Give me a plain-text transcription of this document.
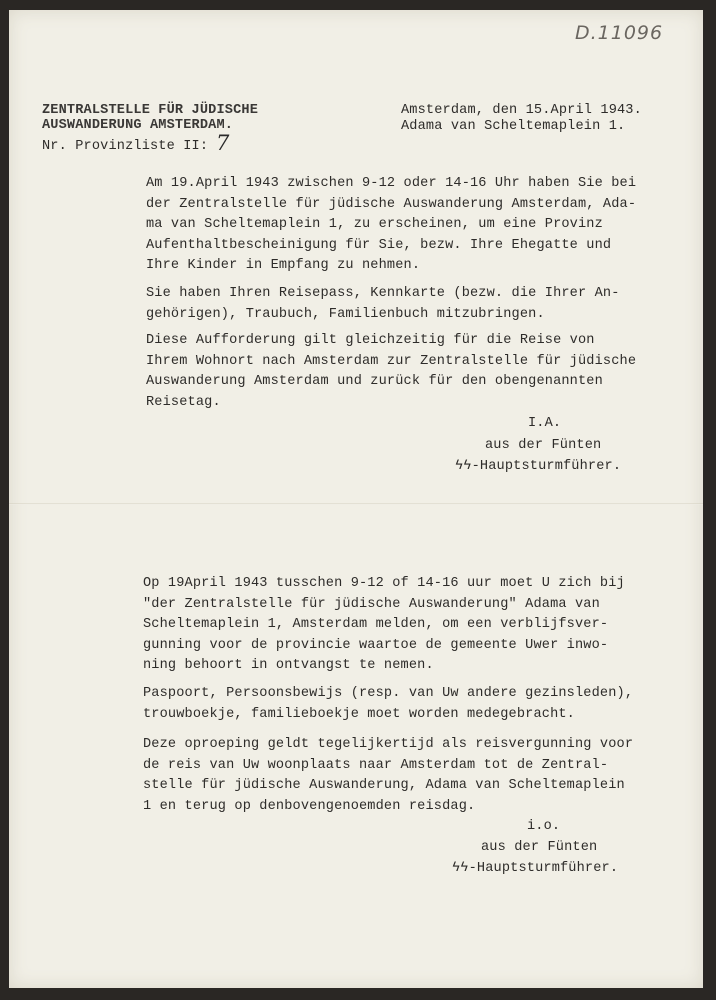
D.11096
ZENTRALSTELLE FÜR JÜDISCHE
AUSWANDERUNG AMSTERDAM.
Nr. Provinzliste II: 7
Amsterdam, den 15.April 1943.
Adama van Scheltemaplein 1.
Am 19.April 1943 zwischen 9-12 oder 14-16 Uhr haben Sie bei
der Zentralstelle für jüdische Auswanderung Amsterdam, Ada-
ma van Scheltemaplein 1, zu erscheinen, um eine Provinz
Aufenthaltbescheinigung für Sie, bezw. Ihre Ehegatte und
Ihre Kinder in Empfang zu nehmen.
Sie haben Ihren Reisepass, Kennkarte (bezw. die Ihrer An-
gehörigen), Traubuch, Familienbuch mitzubringen.
Diese Aufforderung gilt gleichzeitig für die Reise von
Ihrem Wohnort nach Amsterdam zur Zentralstelle für jüdische
Auswanderung Amsterdam und zurück für den obengenannten
Reisetag.
I.A.
aus der Fünten
ϟϟ-Hauptsturmführer.
Op 19April 1943 tusschen 9-12 of 14-16 uur moet U zich bij
"der Zentralstelle für jüdische Auswanderung" Adama van
Scheltemaplein 1, Amsterdam melden, om een verblijfsver-
gunning voor de provincie waartoe de gemeente Uwer inwo-
ning behoort in ontvangst te nemen.
Paspoort, Persoonsbewijs (resp. van Uw andere gezinsleden),
trouwboekje, familieboekje moet worden medegebracht.
Deze oproeping geldt tegelijkertijd als reisvergunning voor
de reis van Uw woonplaats naar Amsterdam tot de Zentral-
stelle für jüdische Auswanderung, Adama van Scheltemaplein
1 en terug op denbovengenoemden reisdag.
i.o.
aus der Fünten
ϟϟ-Hauptsturmführer.
